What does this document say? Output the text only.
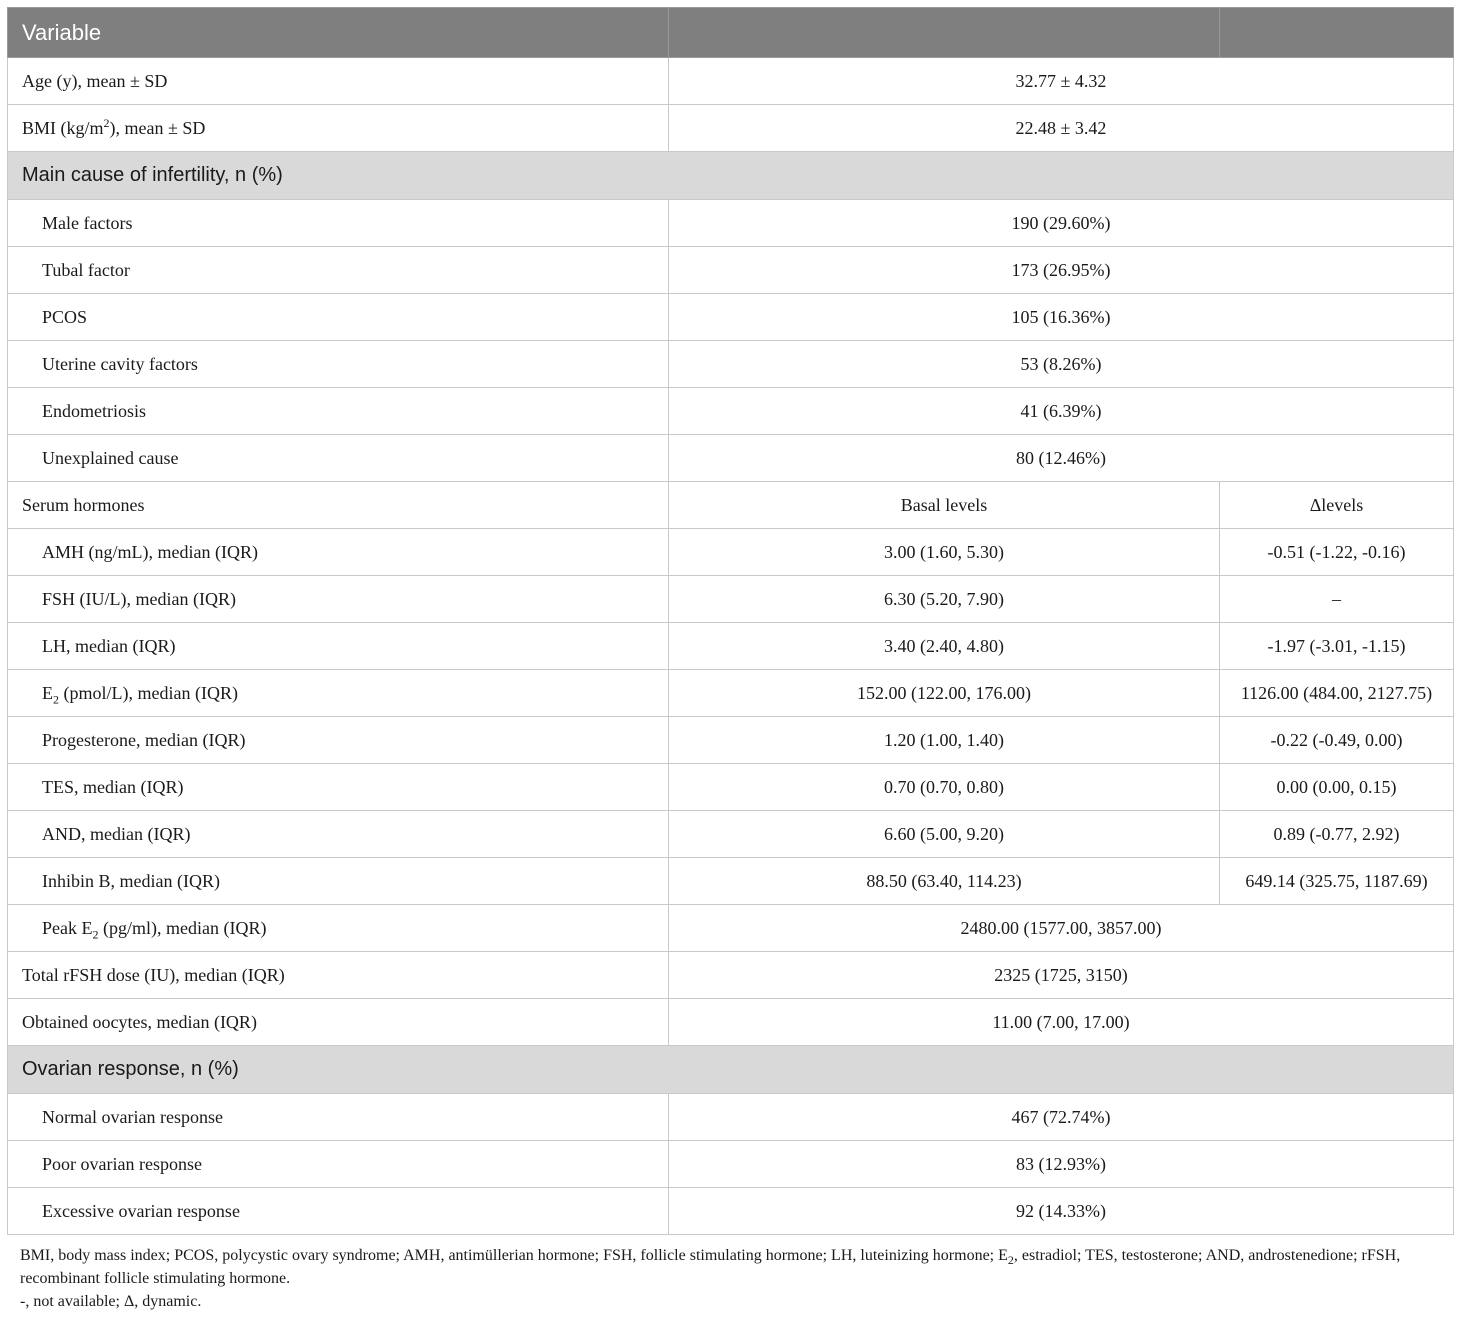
Variable		
Age (y), mean ± SD	32.77 ± 4.32	
BMI $(kg/m^2)$, mean ± SD	22.48 ± 3.42	
Main cause of infertility, n (%)		
Male factors	190 (29.60%)	
Tubal factor	173 (26.95%)	
PCOS	105 (16.36%)	
Uterine cavity factors	53 (8.26%)	
Endometriosis	41 (6.39%)	
Unexplained cause	80 (12.46%)	
Serum hormones	Basal levels	Δlevels
AMH (ng/mL), median (IQR)	3.00 (1.60, 5.30)	-0.51 (-1.22, -0.16)
FSH (IU/L), median (IQR)	6.30 (5.20, 7.90)	–
LH, median (IQR)	3.40 (2.40, 4.80)	-1.97 (-3.01, -1.15)
$E_2$ (pmol/L), median (IQR)	152.00 (122.00, 176.00)	1126.00 (484.00, 2127.75)
Progesterone, median (IQR)	1.20 (1.00, 1.40)	-0.22 (-0.49, 0.00)
TES, median (IQR)	0.70 (0.70, 0.80)	0.00 (0.00, 0.15)
AND, median (IQR)	6.60 (5.00, 9.20)	0.89 (-0.77, 2.92)
Inhibin B, median (IQR)	88.50 (63.40, 114.23)	649.14 (325.75, 1187.69)
Peak $E_2$ (pg/ml), median (IQR)	2480.00 (1577.00, 3857.00)	
Total rFSH dose (IU), median (IQR)	2325 (1725, 3150)	
Obtained oocytes, median (IQR)	11.00 (7.00, 17.00)	
Ovarian response, n (%)		
Normal ovarian response	467 (72.74%)	
Poor ovarian response	83 (12.93%)	
Excessive ovarian response	92 (14.33%)	

BMI, body mass index; PCOS, polycystic ovary syndrome; AMH, antimüllerian hormone; FSH, follicle stimulating hormone; LH, luteinizing hormone; $E_2$, estradiol; TES, testosterone; AND, androstenedione; rFSH, recombinant follicle stimulating hormone.

-, not available; Δ, dynamic.
